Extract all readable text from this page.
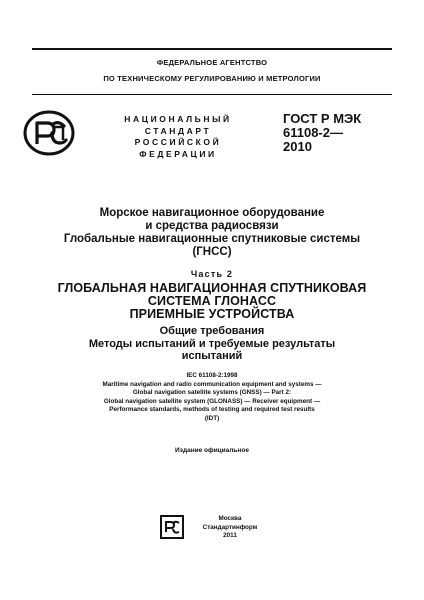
ФЕДЕРАЛЬНОЕ АГЕНТСТВО
ПО ТЕХНИЧЕСКОМУ РЕГУЛИРОВАНИЮ И МЕТРОЛОГИИ
НАЦИОНАЛЬНЫЙ
СТАНДАРТ
РОССИЙСКОЙ
ФЕДЕРАЦИИ
ГОСТ Р МЭК
61108-2—
2010
Морское навигационное оборудование
и средства радиосвязи
Глобальные навигационные спутниковые системы
(ГНСС)
Часть 2
ГЛОБАЛЬНАЯ НАВИГАЦИОННАЯ СПУТНИКОВАЯ
СИСТЕМА ГЛОНАСС
ПРИЕМНЫЕ УСТРОЙСТВА
Общие требования
Методы испытаний и требуемые результаты
испытаний
IEC 61108-2:1998
Maritime navigation and radio communication equipment and systems —
Global navigation satellite systems (GNSS) — Part 2:
Global navigation satellite system (GLONASS) — Receiver equipment —
Performance standards, methods of testing and required test results
(IDT)
Издание официальное
Москва
Стандартинформ
2011
